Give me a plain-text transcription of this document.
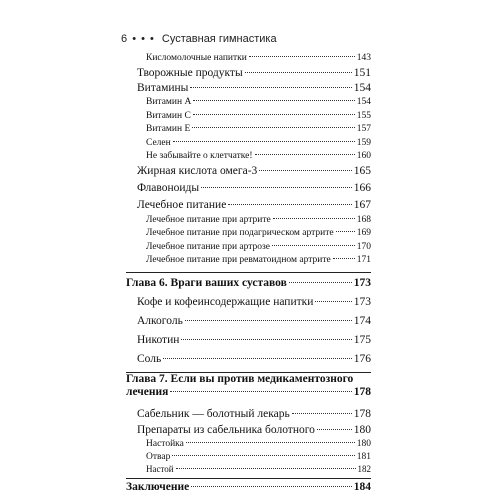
6 • • • Суставная гимнастика
Кисломолочные напитки	143
Творожные продукты	151
Витамины	154
Витамин А	154
Витамин С	155
Витамин Е	157
Селен	159
Не забывайте о клетчатке!	160
Жирная кислота омега-3	165
Флавоноиды	166
Лечебное питание	167
Лечебное питание при артрите	168
Лечебное питание при подагрическом артрите 169
Лечебное питание при артрозе	170
Лечебное питание при ревматоидном артрите	171
Глава 6. Враги ваших суставов	173
Кофе и кофеинсодержащие напитки	173
Алкоголь	174
Никотин	175
Соль	176
Глава 7. Если вы против медикаментозного
лечения	178
Сабельник — болотный лекарь	178
Препараты из сабельника болотного	180
Настойка	180
Отвар	181
Настой	182
Заключение	184
